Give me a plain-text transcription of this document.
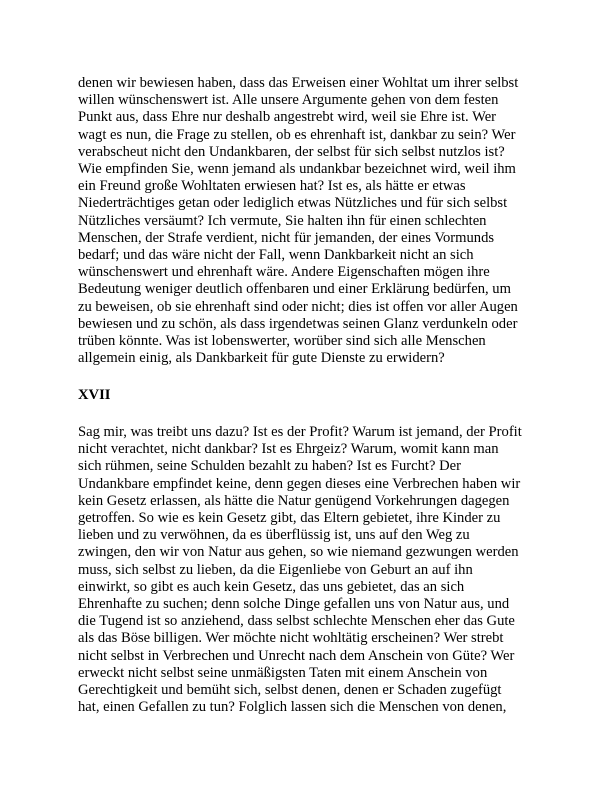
denen wir bewiesen haben, dass das Erweisen einer Wohltat um ihrer selbst
willen wünschenswert ist. Alle unsere Argumente gehen von dem festen
Punkt aus, dass Ehre nur deshalb angestrebt wird, weil sie Ehre ist. Wer
wagt es nun, die Frage zu stellen, ob es ehrenhaft ist, dankbar zu sein? Wer
verabscheut nicht den Undankbaren, der selbst für sich selbst nutzlos ist?
Wie empfinden Sie, wenn jemand als undankbar bezeichnet wird, weil ihm
ein Freund große Wohltaten erwiesen hat? Ist es, als hätte er etwas
Niederträchtiges getan oder lediglich etwas Nützliches und für sich selbst
Nützliches versäumt? Ich vermute, Sie halten ihn für einen schlechten
Menschen, der Strafe verdient, nicht für jemanden, der eines Vormunds
bedarf; und das wäre nicht der Fall, wenn Dankbarkeit nicht an sich
wünschenswert und ehrenhaft wäre. Andere Eigenschaften mögen ihre
Bedeutung weniger deutlich offenbaren und einer Erklärung bedürfen, um
zu beweisen, ob sie ehrenhaft sind oder nicht; dies ist offen vor aller Augen
bewiesen und zu schön, als dass irgendetwas seinen Glanz verdunkeln oder
trüben könnte. Was ist lobenswerter, worüber sind sich alle Menschen
allgemein einig, als Dankbarkeit für gute Dienste zu erwidern?
XVII
Sag mir, was treibt uns dazu? Ist es der Profit? Warum ist jemand, der Profit
nicht verachtet, nicht dankbar? Ist es Ehrgeiz? Warum, womit kann man
sich rühmen, seine Schulden bezahlt zu haben? Ist es Furcht? Der
Undankbare empfindet keine, denn gegen dieses eine Verbrechen haben wir
kein Gesetz erlassen, als hätte die Natur genügend Vorkehrungen dagegen
getroffen. So wie es kein Gesetz gibt, das Eltern gebietet, ihre Kinder zu
lieben und zu verwöhnen, da es überflüssig ist, uns auf den Weg zu
zwingen, den wir von Natur aus gehen, so wie niemand gezwungen werden
muss, sich selbst zu lieben, da die Eigenliebe von Geburt an auf ihn
einwirkt, so gibt es auch kein Gesetz, das uns gebietet, das an sich
Ehrenhafte zu suchen; denn solche Dinge gefallen uns von Natur aus, und
die Tugend ist so anziehend, dass selbst schlechte Menschen eher das Gute
als das Böse billigen. Wer möchte nicht wohltätig erscheinen? Wer strebt
nicht selbst in Verbrechen und Unrecht nach dem Anschein von Güte? Wer
erweckt nicht selbst seine unmäßigsten Taten mit einem Anschein von
Gerechtigkeit und bemüht sich, selbst denen, denen er Schaden zugefügt
hat, einen Gefallen zu tun? Folglich lassen sich die Menschen von denen,
